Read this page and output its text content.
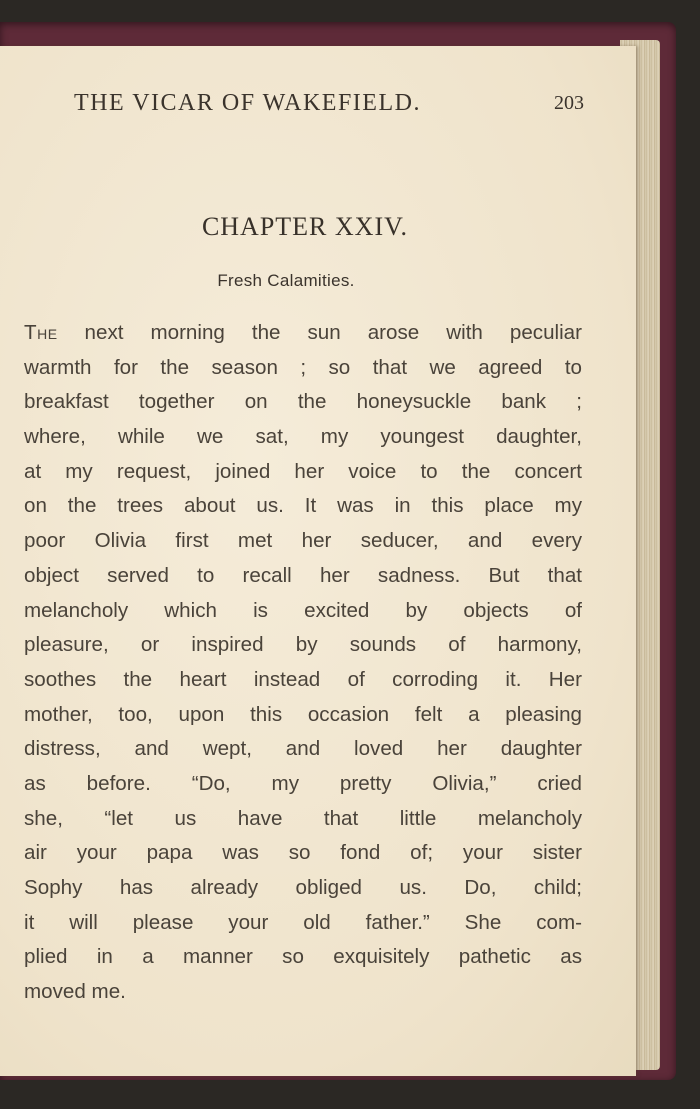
THE VICAR OF WAKEFIELD.	203
CHAPTER XXIV.
Fresh Calamities.
The next morning the sun arose with peculiar
warmth for the season ; so that we agreed to
breakfast together on the honeysuckle bank ;
where, while we sat, my youngest daughter,
at my request, joined her voice to the concert
on the trees about us. It was in this place my
poor Olivia first met her seducer, and every
object served to recall her sadness. But that
melancholy which is excited by objects of
pleasure, or inspired by sounds of harmony,
soothes the heart instead of corroding it. Her
mother, too, upon this occasion felt a pleasing
distress, and wept, and loved her daughter
as before. “Do, my pretty Olivia,” cried
she, “let us have that little melancholy
air your papa was so fond of; your sister
Sophy has already obliged us. Do, child;
it will please your old father.” She com-
plied in a manner so exquisitely pathetic as
moved me.
